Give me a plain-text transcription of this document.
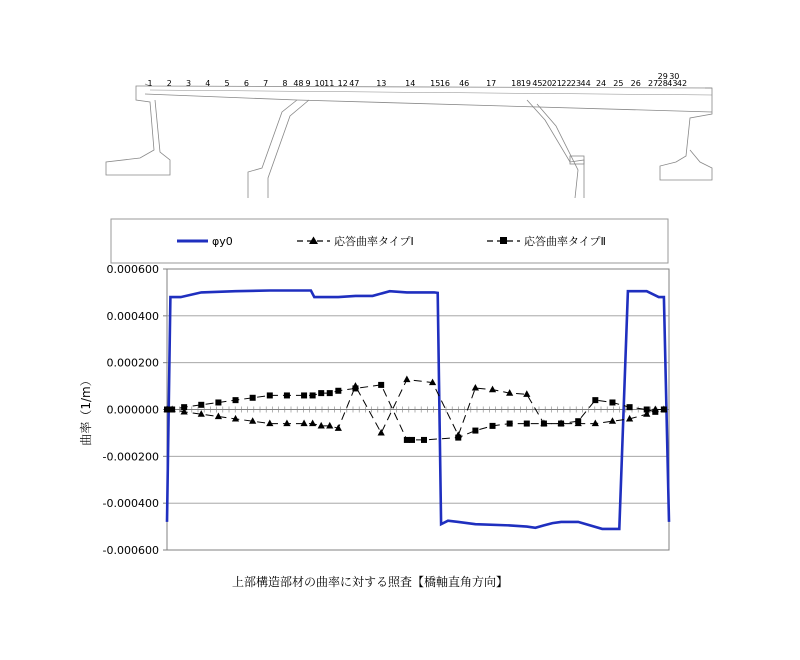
1 2 3 4 5 6 7 8 48 9 10 11 12 47 13 14 15 16 46 17 18 19 45 20 21 22 23 44 24 25 26 27 28
29
43
30
42
φy0	応答曲率タイプⅠ	応答曲率タイプⅡ
0.000600
0.000400
0.000200
0.000000
-0.000200
-0.000400
-0.000600
曲率（1/m）
上部構造部材の曲率に対する照査【橋軸直角方向】
